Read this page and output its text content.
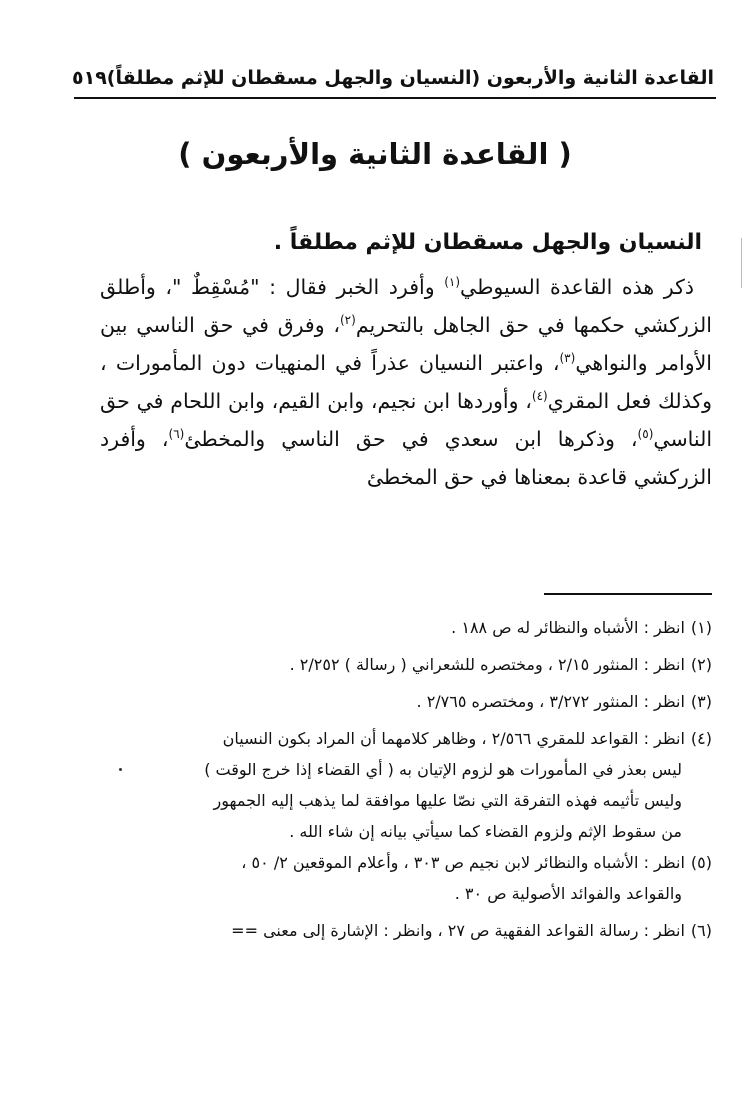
القاعدة الثانية والأربعون (النسيان والجهل مسقطان للإثم مطلقاً)
٥١٩
( القاعدة الثانية والأربعون )
النسيان والجهل مسقطان للإثم مطلقاً .
ذكر هذه القاعدة السيوطي$^{(١)}$ وأفرد الخبر فقال : "مُسْقِطٌ "، وأطلق الزركشي حكمها في حق الجاهل بالتحريم$^{(٢)}$، وفرق في حق الناسي بين الأوامر والنواهي$^{(٣)}$، واعتبر النسيان عذراً في المنهيات دون المأمورات ، وكذلك فعل المقري$^{(٤)}$، وأوردها ابن نجيم، وابن القيم، وابن اللحام في حق الناسي$^{(٥)}$، وذكرها ابن سعدي في حق الناسي والمخطئ$^{(٦)}$، وأفرد الزركشي قاعدة بمعناها في حق المخطئ
(١)انظر : الأشباه والنظائر له ص ١٨٨ .
(٢)انظر : المنثور ٢/١٥ ، ومختصره للشعراني ( رسالة ) ٢/٢٥٢ .
(٣)انظر : المنثور ٣/٢٧٢ ، ومختصره ٢/٧٦٥ .
(٤)انظر : القواعد للمقري ٢/٥٦٦ ، وظاهر كلامهما أن المراد بكون النسيان
ليس بعذر في المأمورات هو لزوم الإتيان به ( أي القضاء إذا خرج الوقت )
وليس تأثيمه فهذه التفرقة التي نصّا عليها موافقة لما يذهب إليه الجمهور
من سقوط الإثم ولزوم القضاء كما سيأتي بيانه إن شاء الله .
(٥)انظر : الأشباه والنظائر لابن نجيم ص ٣٠٣ ، وأعلام الموقعين ٢/ ٥٠ ،
والقواعد والفوائد الأصولية ص ٣٠ .
(٦)انظر : رسالة القواعد الفقهية ص ٢٧ ، وانظر : الإشارة إلى معنى ==
